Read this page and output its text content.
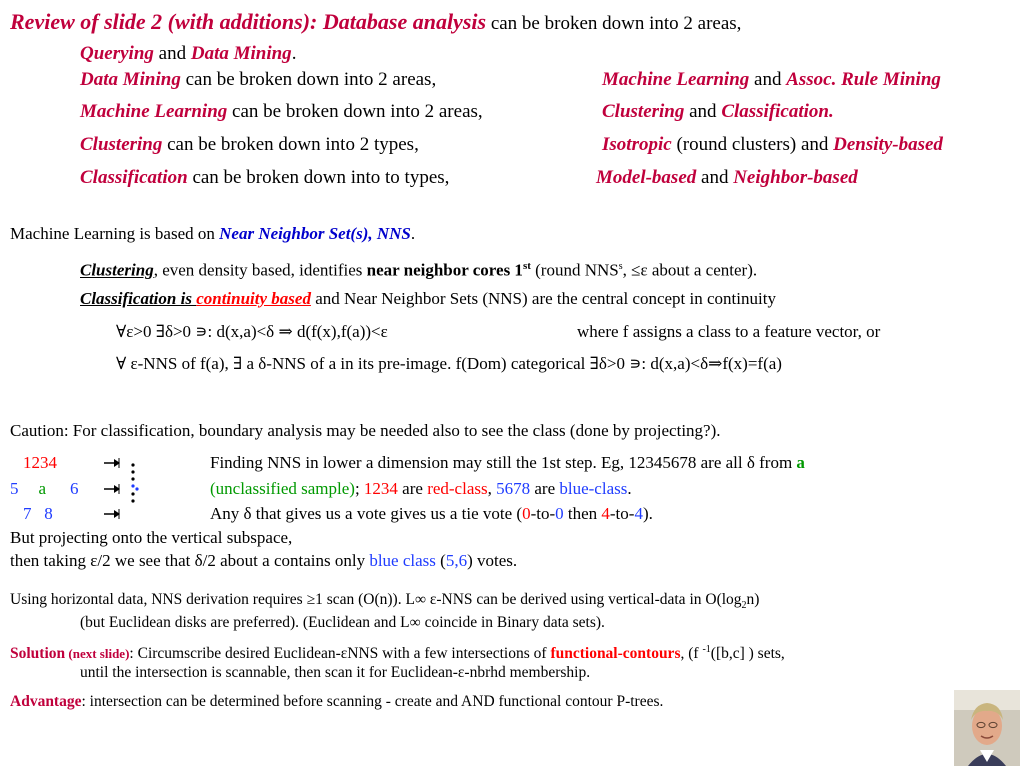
Review of slide 2 (with additions): Database analysis can be broken down into 2 areas,
Querying and Data Mining.
Data Mining can be broken down into 2 areas,	Machine Learning and Assoc. Rule Mining
Machine Learning can be broken down into 2 areas,	Clustering and Classification.
Clustering can be broken down into 2 types,	Isotropic (round clusters) and Density-based
Classification can be broken down into to types,	Model-based and Neighbor-based
Machine Learning is based on Near Neighbor Set(s), NNS.
Clustering, even density based, identifies near neighbor cores 1st (round $NNS^s$, ≤ε about a center).
Classification is continuity based and Near Neighbor Sets (NNS) are the central concept in continuity
∀ε>0 ∃δ>0 ∍: d(x,a)<δ ⇒ d(f(x),f(a))<ε	where f assigns a class to a feature vector, or
∀ ε-NNS of f(a), ∃ a δ-NNS of a in its pre-image. f(Dom) categorical ∃δ>0 ∍: d(x,a)<δ⇒f(x)=f(a)
Caution: For classification, boundary analysis may be needed also to see the class (done by projecting?).
1234
5 a 6
7   8
Finding NNS in lower a dimension may still the 1st step. Eg, 12345678 are all δ from a
(unclassified sample); 1234 are red-class, 5678 are blue-class.
Any δ that gives us a vote gives us a tie vote (0-to-0 then 4-to-4).
But projecting onto the vertical subspace,
then taking ε/2 we see that δ/2 about a contains only blue class (5,6) votes.
Using horizontal data, NNS derivation requires ≥1 scan (O(n)). L∞ ε-NNS can be derived using vertical-data in $O(\log_2n)$
(but Euclidean disks are preferred). (Euclidean and L∞ coincide in Binary data sets).
Solution (next slide): Circumscribe desired Euclidean-εNNS with a few intersections of functional-contours, (f $^{-1}$([b,c] ) sets,
until the intersection is scannable, then scan it for Euclidean-ε-nbrhd membership.
Advantage: intersection can be determined before scanning - create and AND functional contour P-trees.
